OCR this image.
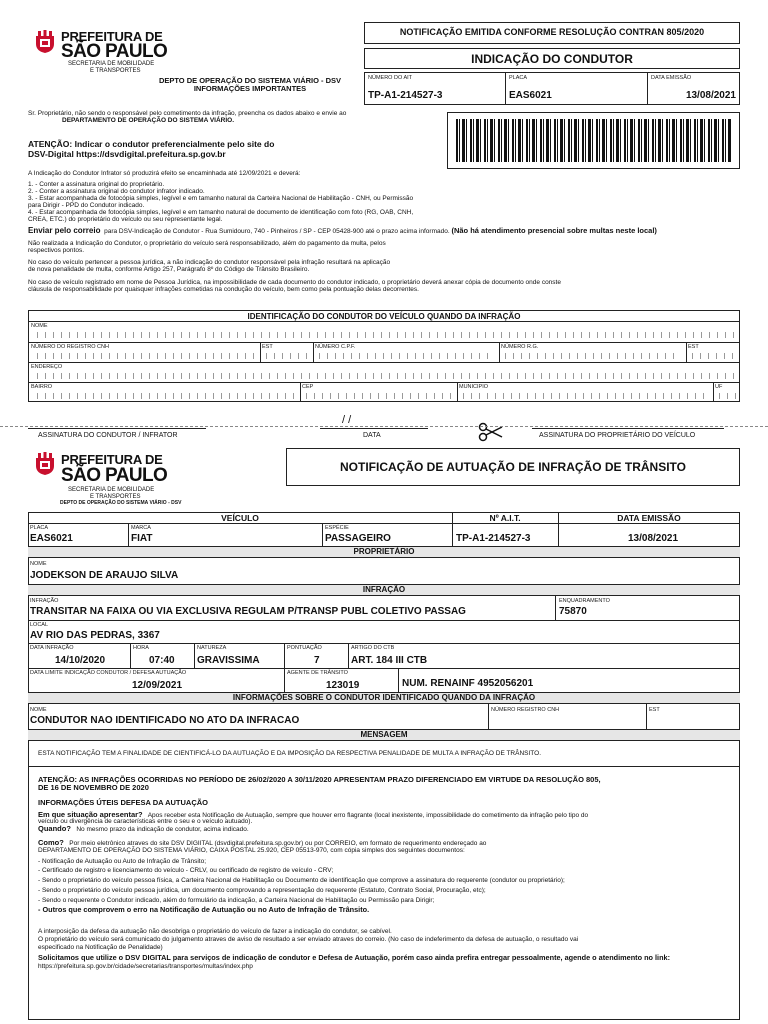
PREFEITURA DE
SÃO PAULO
SECRETARIA DE MOBILIDADE
E TRANSPORTES
DEPTO DE OPERAÇÃO DO SISTEMA VIÁRIO - DSV
INFORMAÇÕES IMPORTANTES
NOTIFICAÇÃO EMITIDA CONFORME RESOLUÇÃO CONTRAN 805/2020
INDICAÇÃO DO CONDUTOR
NÚMERO DO AIT
TP-A1-214527-3
PLACA
EAS6021
DATA EMISSÃO
13/08/2021
Sr. Proprietário, não sendo o responsável pelo cometimento da infração, preencha os dados abaixo e envie ao
DEPARTAMENTO DE OPERAÇÃO DO SISTEMA VIÁRIO.
ATENÇÃO: Indicar o condutor preferencialmente pelo site do
DSV-Digital https://dsvdigital.prefeitura.sp.gov.br
A Indicação do Condutor Infrator só produzirá efeito se encaminhada até 12/09/2021 e deverá:
1. - Conter a assinatura original do proprietário.
2. - Conter a assinatura original do condutor infrator indicado.
3. - Estar acompanhada de fotocópia simples, legível e em tamanho natural da Carteira Nacional de Habilitação - CNH, ou Permissão
para Dirigir - PPD do Condutor indicado.
4. - Estar acompanhada de fotocópia simples, legível e em tamanho natural de documento de identificação com foto (RG, OAB, CNH,
CREA, ETC.) do proprietário do veículo ou seu representante legal.
Enviar pelo correio para DSV-Indicação de Condutor - Rua Sumidouro, 740 - Pinheiros / SP - CEP 05428-900 até o prazo acima informado. (Não há atendimento presencial sobre multas neste local)
Não realizada a Indicação do Condutor, o proprietário do veículo será responsabilizado, além do pagamento da multa, pelos
respectivos pontos.
No caso do veículo pertencer a pessoa jurídica, a não indicação do condutor responsável pela infração resultará na aplicação
de nova penalidade de multa, conforme Artigo 257, Parágrafo 8º do Código de Trânsito Brasileiro.
No caso de veículo registrado em nome de Pessoa Jurídica, na impossibilidade de cada documento do condutor indicado, o proprietário deverá anexar cópia de documento onde conste
cláusula de responsabilidade por quaisquer infrações cometidas na condução do veículo, bem como pela pontuação delas decorrentes.
IDENTIFICAÇÃO DO CONDUTOR DO VEÍCULO QUANDO DA INFRAÇÃO
NOME
NÚMERO DO REGISTRO CNH	EST	NÚMERO C.P.F.	NÚMERO R.G.	EST
ENDEREÇO
BAIRRO	CEP	MUNICIPIO	UF
ASSINATURA DO CONDUTOR / INFRATOR
/ /
DATA	ASSINATURA DO PROPRIETÁRIO DO VEÍCULO
PREFEITURA DE
SÃO PAULO
SECRETARIA DE MOBILIDADE
E TRANSPORTES
DEPTO DE OPERAÇÃO DO SISTEMA VIÁRIO - DSV
NOTIFICAÇÃO DE AUTUAÇÃO DE INFRAÇÃO DE TRÂNSITO
VEÍCULO	Nº A.I.T.	DATA EMISSÃO
PLACA
EAS6021
MARCA
FIAT
ESPÉCIE
PASSAGEIRO	TP-A1-214527-3	13/08/2021
PROPRIETÁRIO
NOME
JODEKSON DE ARAUJO SILVA
INFRAÇÃO
INFRAÇÃO
TRANSITAR NA FAIXA OU VIA EXCLUSIVA REGULAM P/TRANSP PUBL COLETIVO PASSAG
ENQUADRAMENTO
75870
LOCAL
AV RIO DAS PEDRAS, 3367
DATA INFRAÇÃO
14/10/2020
HORA
07:40
NATUREZA
GRAVISSIMA
PONTUAÇÃO
7
ARTIGO DO CTB
ART. 184 III CTB
DATA LIMITE INDICAÇÃO CONDUTOR / DEFESA AUTUAÇÃO
12/09/2021
AGENTE DE TRÂNSITO
123019	NUM. RENAINF 4952056201
INFORMAÇÕES SOBRE O CONDUTOR IDENTIFICADO QUANDO DA INFRAÇÃO
NOME
CONDUTOR NAO IDENTIFICADO NO ATO DA INFRACAO
NÚMERO REGISTRO CNH	EST
MENSAGEM
ESTA NOTIFICAÇÃO TEM A FINALIDADE DE CIENTIFICÁ-LO DA AUTUAÇÃO E DA IMPOSIÇÃO DA RESPECTIVA PENALIDADE DE MULTA A INFRAÇÃO DE TRÂNSITO.
ATENÇÃO: AS INFRAÇÕES OCORRIDAS NO PERÍODO DE 26/02/2020 A 30/11/2020 APRESENTAM PRAZO DIFERENCIADO EM VIRTUDE DA RESOLUÇÃO 805,
DE 16 DE NOVEMBRO DE 2020
INFORMAÇÕES ÚTEIS DEFESA DA AUTUAÇÃO
Em que situação apresentar? Apos receber esta Notificação de Autuação, sempre que houver erro flagrante (local inexistente, impossibilidade do cometimento da infração pelo tipo do
veículo ou divergência de características entre o seu e o veículo autuado).
Quando? No mesmo prazo da indicação de condutor, acima indicado.
Como? Por meio eletrônico atraves do site DSV DIGIITAL (dsvdigital.prefeitura.sp.gov.br) ou por CORREIO, em formato de requerimento endereçado ao
DEPARTAMENTO DE OPERAÇÃO DO SISTEMA VIÁRIO, CAIXA POSTAL 25.920, CEP 05513-970, com cópia simples dos seguintes documentos:
- Notificação de Autuação ou Auto de Infração de Trânsito;
- Certificado de registro e licenciamento do veículo - CRLV, ou certificado de registro de veículo - CRV;
- Sendo o proprietário do veículo pessoa física, a Carteira Nacional de Habilitação ou Documento de identificação que comprove a assinatura do requerente (condutor ou proprietário);
- Sendo o proprietário do veículo pessoa jurídica, um documento comprovando a representação do requerente (Estatuto, Contrato Social, Procuração, etc);
- Sendo o requerente o Condutor indicado, além do formulário da indicação, a Carteira Nacional de Habilitação ou Permissão para Dirigir;
- Outros que comprovem o erro na Notificação de Autuação ou no Auto de Infração de Trânsito.
A interposição da defesa da autuação não desobriga o proprietário do veículo de fazer a indicação do condutor, se cabível.
O proprietário do veículo será comunicado do julgamento atraves de aviso de resultado a ser enviado atraves do correio. (No caso de indeferimento da defesa de autuação, o resultado vai
especificado na Notificação de Penalidade)
Solicitamos que utilize o DSV DIGITAL para serviços de indicação de condutor e Defesa de Autuação, porém caso ainda prefira entregar pessoalmente, agende o atendimento no link:
https://prefeitura.sp.gov.br/cidade/secretarias/transportes/multas/index.php
